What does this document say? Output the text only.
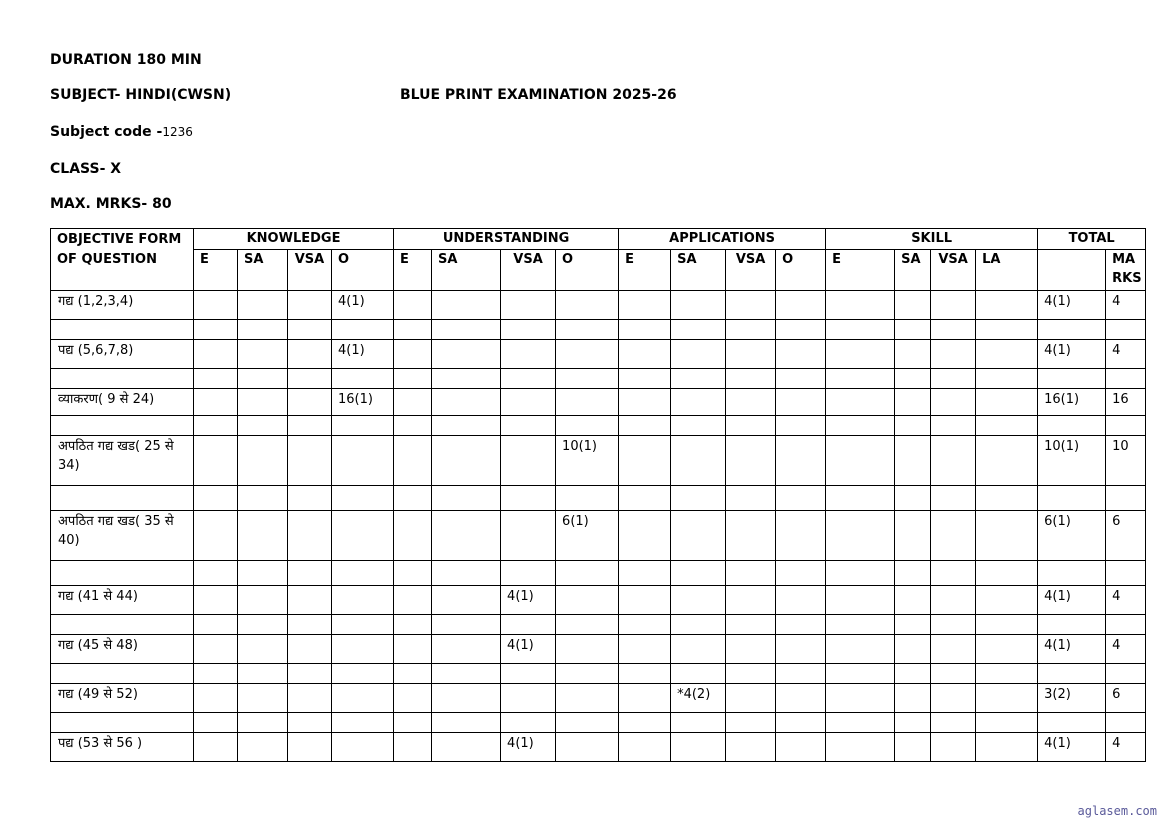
DURATION 180 MIN
SUBJECT- HINDI(CWSN)	BLUE PRINT EXAMINATION 2025-26
Subject code -1236
CLASS- X
MAX. MRKS- 80
OBJECTIVE FORM OF QUESTION	KNOWLEDGE				UNDERSTANDING				APPLICATIONS				SKILL				TOTAL	
	E	SA	VSA	O	E	SA	VSA	O	E	SA	VSA	O	E	SA	VSA	LA		MA RKS
गद्य (1,2,3,4)				4(1)													4(1)	4

पद्य (5,6,7,8)				4(1)													4(1)	4

व्याकरण( 9 से 24)				16(1)													16(1)	16

अपठित गद्य खड( 25 से 34)								10(1)									10(1)	10

अपठित गद्य खड( 35 से 40)								6(1)									6(1)	6

गद्य (41 से 44)							4(1)										4(1)	4

गद्य (45 से 48)							4(1)										4(1)	4

गद्य (49 से 52)										*4(2)							3(2)	6

पद्य (53 से 56 )							4(1)										4(1)	4
aglasem.com
